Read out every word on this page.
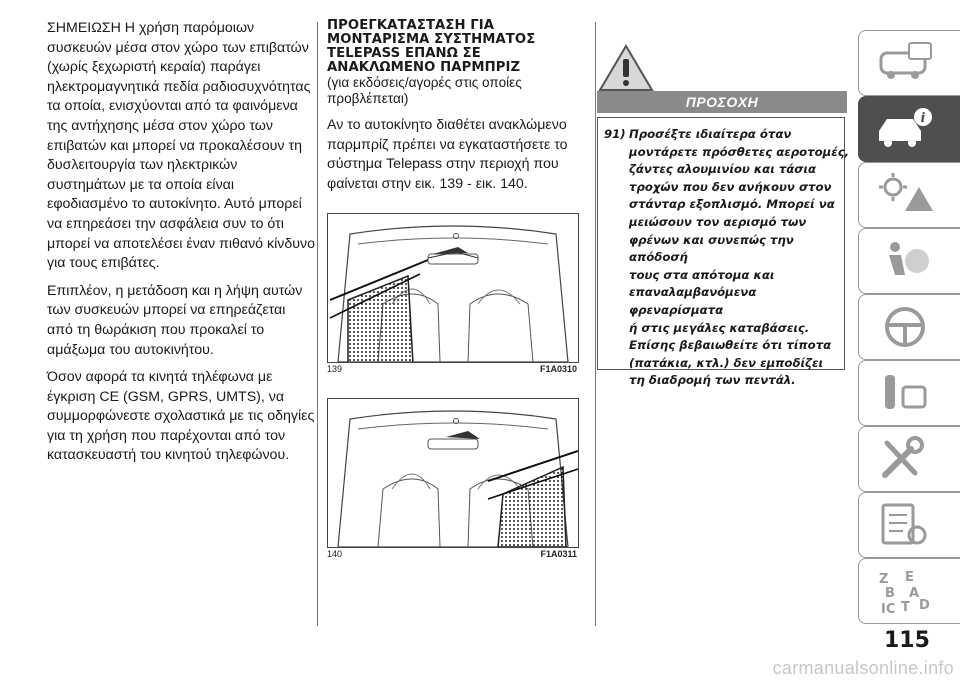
ΣΗΜΕΙΩΣΗ Η χρήση παρόμοιων συσκευών μέσα στον χώρο των επιβατών (χωρίς ξεχωριστή κεραία) παράγει ηλεκτρομαγνητικά πεδία ραδιοσυχνότητας τα οποία, ενισχύονται από τα φαινόμενα της αντήχησης μέσα στον χώρο των επιβατών και μπορεί να προκαλέσουν τη δυσλειτουργία των ηλεκτρικών συστημάτων με τα οποία είναι εφοδιασμένο το αυτοκίνητο. Αυτό μπορεί να επηρεάσει την ασφάλεια συν το ότι μπορεί να αποτελέσει έναν πιθανό κίνδυνο για τους επιβάτες.

Επιπλέον, η μετάδοση και η λήψη αυτών των συσκευών μπορεί να επηρεάζεται από τη θωράκιση που προκαλεί το αμάξωμα του αυτοκινήτου.

Όσον αφορά τα κινητά τηλέφωνα με έγκριση CE (GSM, GPRS, UMTS), να συμμορφώνεστε σχολαστικά με τις οδηγίες για τη χρήση που παρέχονται από τον κατασκευαστή του κινητού τηλεφώνου.

ΠΡΟΕΓΚΑΤΑΣΤΑΣΗ ΓΙΑ
ΜΟΝΤΑΡΙΣΜΑ ΣΥΣΤΗΜΑΤΟΣ
TELEPASS ΕΠΑΝΩ ΣΕ
ΑΝΑΚΛΩΜΕΝΟ ΠΑΡΜΠΡΙΖ
(για εκδόσεις/αγορές στις οποίες
προβλέπεται)

Αν το αυτοκίνητο διαθέτει ανακλώμενο παρμπρίζ πρέπει να εγκαταστήσετε το σύστημα Telepass στην περιοχή που φαίνεται στην εικ. 139 - εικ. 140.

139	F1A0310
140	F1A0311
ΠΡΟΣΟΧΗ
91) Προσέξτε ιδιαίτερα όταν
μοντάρετε πρόσθετες αεροτομές,
ζάντες αλουμινίου και τάσια
τροχών που δεν ανήκουν στον
στάνταρ εξοπλισμό. Μπορεί να
μειώσουν τον αερισμό των
φρένων και συνεπώς την απόδοσή
τους στα απότομα και
επαναλαμβανόμενα φρεναρίσματα
ή στις μεγάλες καταβάσεις.
Επίσης βεβαιωθείτε ότι τίποτα
(πατάκια, κτλ.) δεν εμποδίζει
τη διαδρομή των πεντάλ.
i
Z E
B A
IC T D
115
carmanualsonline.info
